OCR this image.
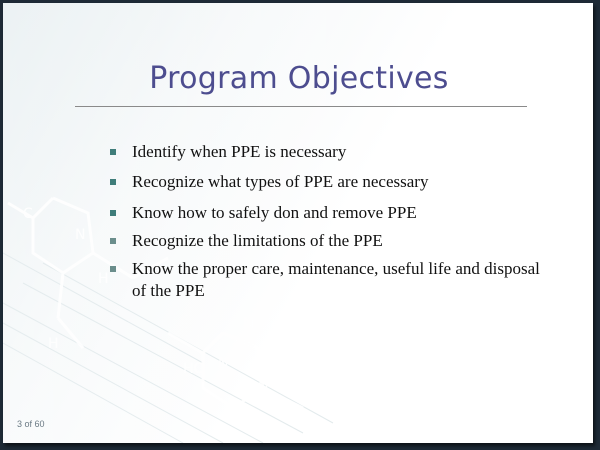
C
N
H
H
HC N
N
H
Program Objectives
Identify when PPE is necessary
Recognize what types of PPE are necessary
Know how to safely don and remove PPE
Recognize the limitations of the PPE
Know the proper care, maintenance, useful life and disposal of the PPE
3 of 60
